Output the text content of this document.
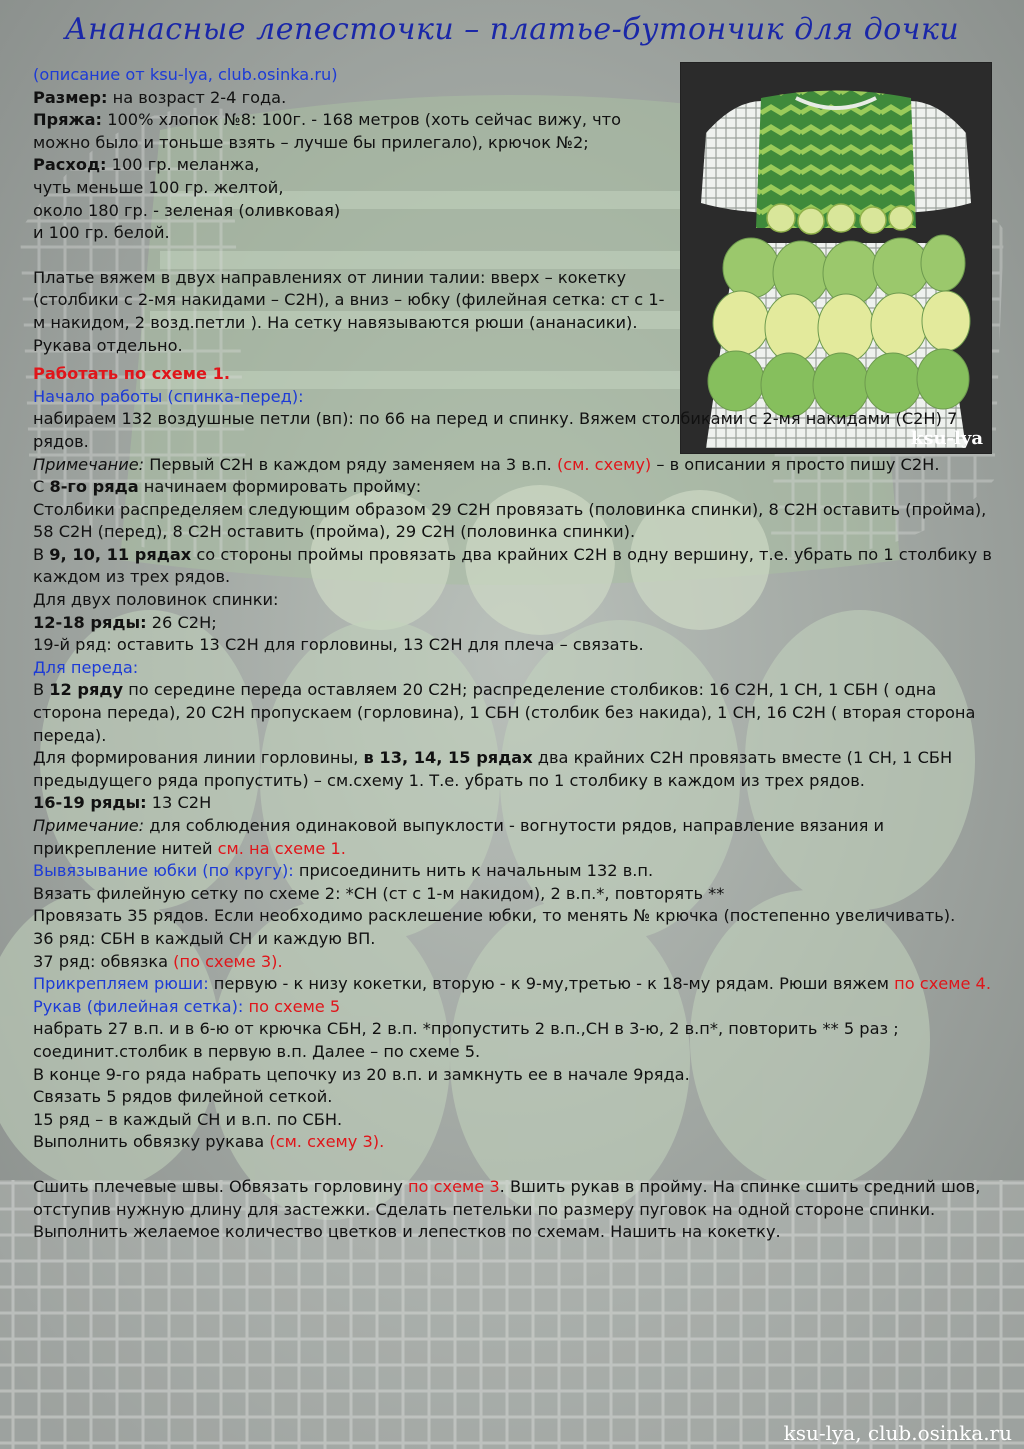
Ананасные лепесточки – платье-бутончик для дочки
ksu-lya

(описание от ksu-lya, club.osinka.ru)

Размер: на возраст 2-4 года.

Пряжа: 100% хлопок №8: 100г. - 168 метров (хоть сейчас вижу, что можно было и тоньше взять – лучше бы прилегало), крючок №2;

Расход: 100 гр. меланжа,

чуть меньше 100 гр. желтой,

около 180 гр. - зеленая (оливковая)

и 100 гр. белой.

Платье вяжем в двух направлениях от линии талии: вверх – кокетку (столбики с 2-мя накидами – С2Н), а вниз – юбку (филейная сетка: ст с 1-м накидом, 2 возд.петли ). На сетку навязываются рюши (ананасики). Рукава отдельно.

Работать по схеме 1.

Начало работы (спинка-перед):

набираем 132 воздушные петли (вп): по 66 на перед и спинку. Вяжем столбиками с 2-мя накидами (С2Н) 7 рядов.

Примечание: Первый С2Н в каждом ряду заменяем на 3 в.п. (см. схему) – в описании я просто пишу С2Н.

С 8-го ряда начинаем формировать пройму:

Столбики распределяем следующим образом 29 С2Н провязать (половинка спинки), 8 С2Н оставить (пройма), 58 С2Н (перед), 8 С2Н оставить (пройма), 29 С2Н (половинка спинки).

В 9, 10, 11 рядах со стороны проймы провязать два крайних С2Н в одну вершину, т.е. убрать по 1 столбику в каждом из трех рядов.

Для двух половинок спинки:

12-18 ряды: 26 С2Н;

19-й ряд: оставить 13 С2Н для горловины, 13 С2Н для плеча – связать.

Для переда:

В 12 ряду по середине переда оставляем 20 С2Н; распределение столбиков: 16 С2Н, 1 СН, 1 СБН ( одна сторона переда), 20 С2Н пропускаем (горловина), 1 СБН (столбик без накида), 1 СН, 16 С2Н ( вторая сторона переда).

Для формирования линии горловины, в 13, 14, 15 рядах два крайних С2Н провязать вместе (1 СН, 1 СБН предыдущего ряда пропустить) – см.схему 1. Т.е. убрать по 1 столбику в каждом из трех рядов.

16-19 ряды: 13 С2Н

Примечание: для соблюдения одинаковой выпуклости - вогнутости рядов, направление вязания и прикрепление нитей см. на схеме 1.

Вывязывание юбки (по кругу): присоединить нить к начальным 132 в.п.

Вязать филейную сетку по схеме 2: *СН (ст с 1-м накидом), 2 в.п.*, повторять **

Провязать 35 рядов. Если необходимо расклешение юбки, то менять № крючка (постепенно увеличивать).

36 ряд: СБН в каждый СН и каждую ВП.

37 ряд: обвязка (по схеме 3).

Прикрепляем рюши: первую - к низу кокетки, вторую - к 9-му,третью - к 18-му рядам. Рюши вяжем по схеме 4.

Рукав (филейная сетка): по схеме 5

набрать 27 в.п. и в 6-ю от крючка СБН, 2 в.п. *пропустить 2 в.п.,СН в 3-ю, 2 в.п*, повторить ** 5 раз ; соединит.столбик в первую в.п. Далее – по схеме 5.

В конце 9-го ряда набрать цепочку из 20 в.п. и замкнуть ее в начале 9ряда.

Связать 5 рядов филейной сеткой.

15 ряд – в каждый СН и в.п. по СБН.

Выполнить обвязку рукава (см. схему 3).

Сшить плечевые швы. Обвязать горловину по схеме 3. Вшить рукав в пройму. На спинке сшить средний шов, отступив нужную длину для застежки. Сделать петельки по размеру пуговок на одной стороне спинки.

Выполнить желаемое количество цветков и лепестков по схемам. Нашить на кокетку.

ksu-lya, club.osinka.ru
